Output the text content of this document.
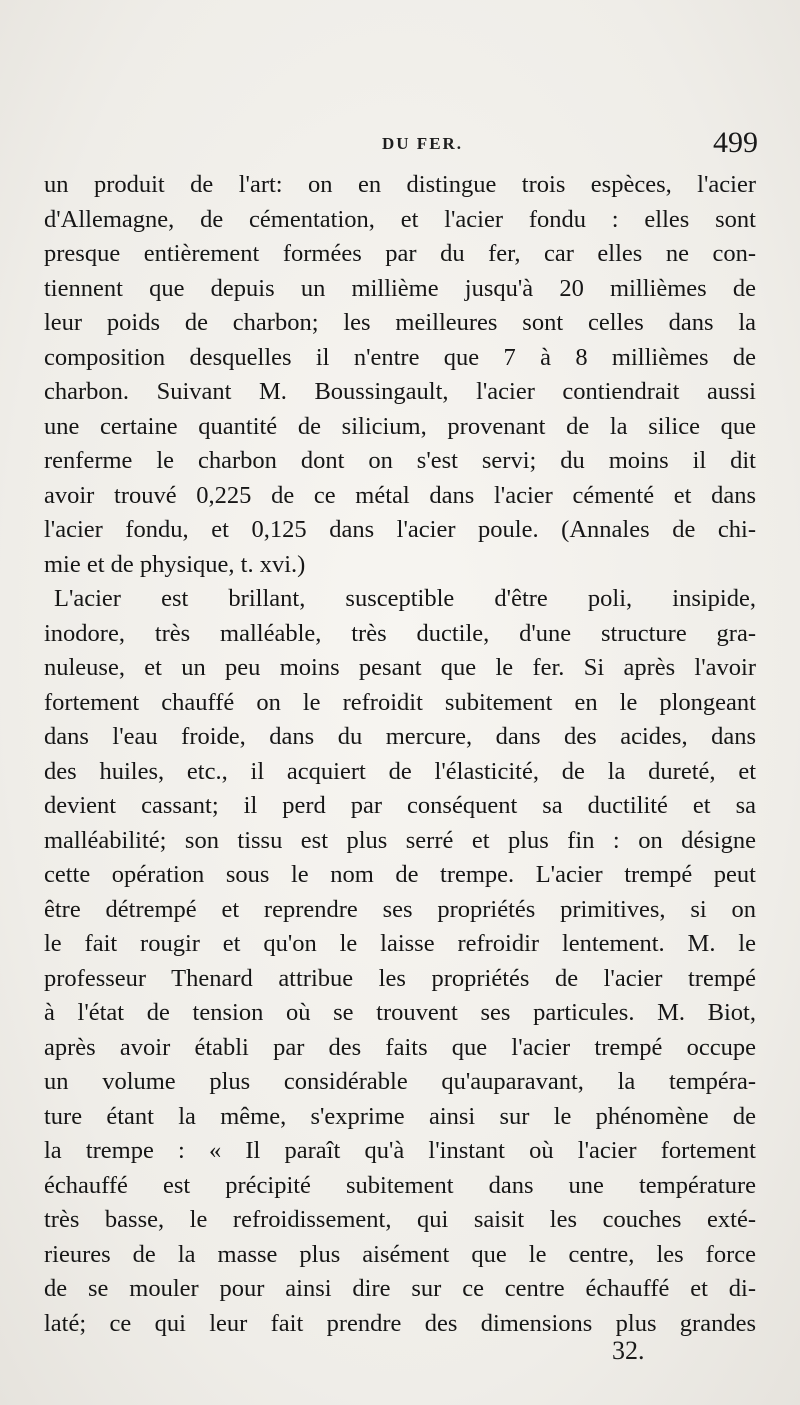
DU FER.	499
un produit de l'art: on en distingue trois espèces, l'acier
d'Allemagne, de cémentation, et l'acier fondu : elles sont
presque entièrement formées par du fer, car elles ne con-
tiennent que depuis un millième jusqu'à 20 millièmes de
leur poids de charbon; les meilleures sont celles dans la
composition desquelles il n'entre que 7 à 8 millièmes de
charbon. Suivant M. Boussingault, l'acier contiendrait aussi
une certaine quantité de silicium, provenant de la silice que
renferme le charbon dont on s'est servi; du moins il dit
avoir trouvé 0,225 de ce métal dans l'acier cémenté et dans
l'acier fondu, et 0,125 dans l'acier poule. (Annales de chi-
mie et de physique, t. xvi.)
L'acier est brillant, susceptible d'être poli, insipide,
inodore, très malléable, très ductile, d'une structure gra-
nuleuse, et un peu moins pesant que le fer. Si après l'avoir
fortement chauffé on le refroidit subitement en le plongeant
dans l'eau froide, dans du mercure, dans des acides, dans
des huiles, etc., il acquiert de l'élasticité, de la dureté, et
devient cassant; il perd par conséquent sa ductilité et sa
malléabilité; son tissu est plus serré et plus fin : on désigne
cette opération sous le nom de trempe. L'acier trempé peut
être détrempé et reprendre ses propriétés primitives, si on
le fait rougir et qu'on le laisse refroidir lentement. M. le
professeur Thenard attribue les propriétés de l'acier trempé
à l'état de tension où se trouvent ses particules. M. Biot,
après avoir établi par des faits que l'acier trempé occupe
un volume plus considérable qu'auparavant, la tempéra-
ture étant la même, s'exprime ainsi sur le phénomène de
la trempe : « Il paraît qu'à l'instant où l'acier fortement
échauffé est précipité subitement dans une température
très basse, le refroidissement, qui saisit les couches exté-
rieures de la masse plus aisément que le centre, les force
de se mouler pour ainsi dire sur ce centre échauffé et di-
laté; ce qui leur fait prendre des dimensions plus grandes
32.
